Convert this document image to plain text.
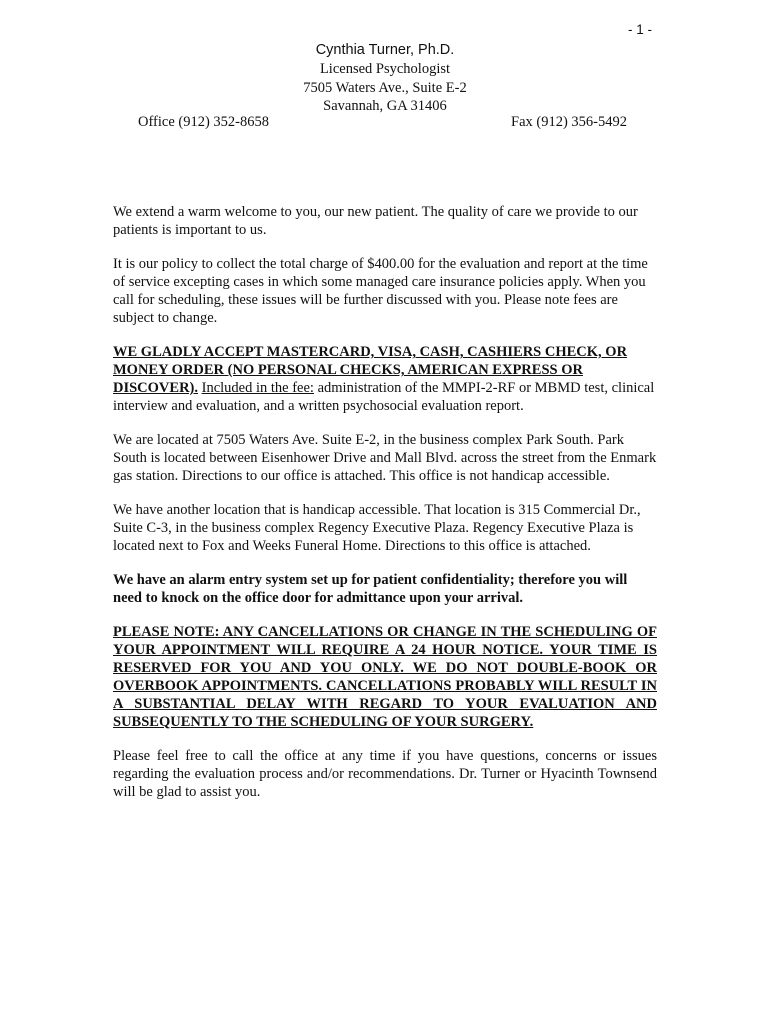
- 1 -
Cynthia Turner, Ph.D.
Licensed Psychologist
7505 Waters Ave., Suite E-2
Savannah, GA 31406
Office (912) 352-8658	Fax (912) 356-5492

We extend a warm welcome to you, our new patient. The quality of care we provide to our patients is important to us.

It is our policy to collect the total charge of $400.00 for the evaluation and report at the time of service excepting cases in which some managed care insurance policies apply. When you call for scheduling, these issues will be further discussed with you. Please note fees are subject to change.

WE GLADLY ACCEPT MASTERCARD, VISA, CASH, CASHIERS CHECK, OR MONEY ORDER (NO PERSONAL CHECKS, AMERICAN EXPRESS OR DISCOVER). Included in the fee: administration of the MMPI-2-RF or MBMD test, clinical interview and evaluation, and a written psychosocial evaluation report.

We are located at 7505 Waters Ave. Suite E-2, in the business complex Park South. Park South is located between Eisenhower Drive and Mall Blvd. across the street from the Enmark gas station. Directions to our office is attached. This office is not handicap accessible.

We have another location that is handicap accessible. That location is 315 Commercial Dr., Suite C-3, in the business complex Regency Executive Plaza. Regency Executive Plaza is located next to Fox and Weeks Funeral Home. Directions to this office is attached.

We have an alarm entry system set up for patient confidentiality; therefore you will need to knock on the office door for admittance upon your arrival.

PLEASE NOTE: ANY CANCELLATIONS OR CHANGE IN THE SCHEDULING OF YOUR APPOINTMENT WILL REQUIRE A 24 HOUR NOTICE. YOUR TIME IS RESERVED FOR YOU AND YOU ONLY. WE DO NOT DOUBLE-BOOK OR OVERBOOK APPOINTMENTS. CANCELLATIONS PROBABLY WILL RESULT IN A SUBSTANTIAL DELAY WITH REGARD TO YOUR EVALUATION AND SUBSEQUENTLY TO THE SCHEDULING OF YOUR SURGERY.

Please feel free to call the office at any time if you have questions, concerns or issues regarding the evaluation process and/or recommendations. Dr. Turner or Hyacinth Townsend will be glad to assist you.
